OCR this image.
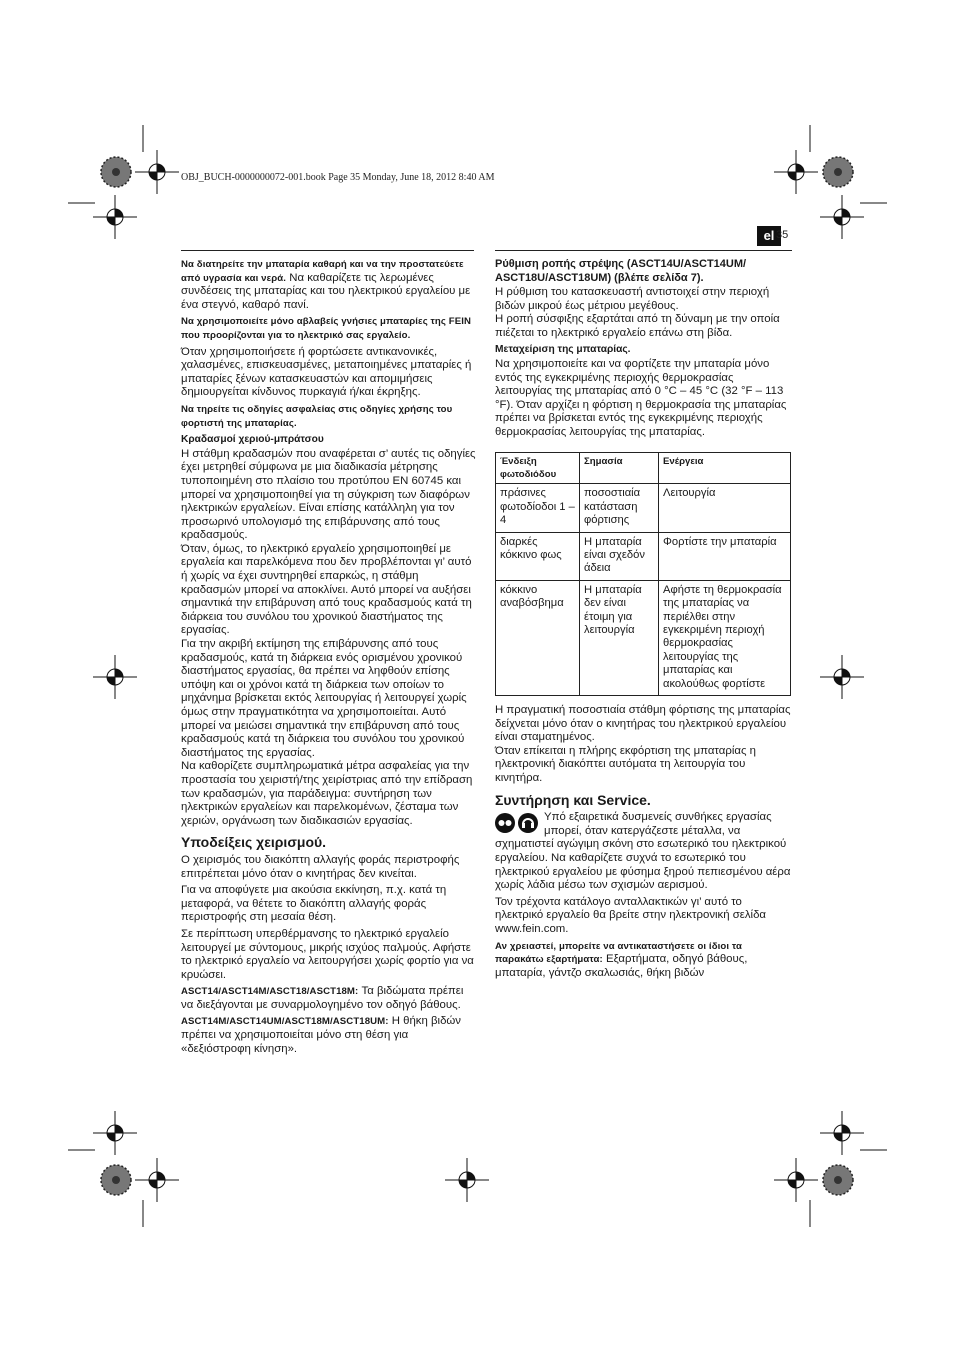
OBJ_BUCH-0000000072-001.book Page 35 Monday, June 18, 2012 8:40 AM
el 35

Να διατηρείτε την μπαταρία καθαρή και να την προστατεύετε από υγρασία και νερά. Να καθαρίζετε τις λερωμένες συνδέσεις της μπαταρίας και του ηλεκτρικού εργαλείου με ένα στεγνό, καθαρό πανί.

Να χρησιμοποιείτε μόνο αβλαβείς γνήσιες μπαταρίες της FEIN που προορίζονται για το ηλεκτρικό σας εργαλείο.

Όταν χρησιμοποιήσετε ή φορτώσετε αντικανονικές, χαλασμένες, επισκευασμένες, μεταποιημένες μπαταρίες ή μπαταρίες ξένων κατασκευαστών και απομιμήσεις δημιουργείται κίνδυνος πυρκαγιά ή/και έκρηξης.

Να τηρείτε τις οδηγίες ασφαλείας στις οδηγίες χρήσης του φορτιστή της μπαταρίας.

Κραδασμοί χεριού-μπράτσου

Η στάθμη κραδασμών που αναφέρεται σ’ αυτές τις οδηγίες έχει μετρηθεί σύμφωνα με μια διαδικασία μέτρησης τυποποιημένη στο πλαίσιο του προτύπου EN 60745 και μπορεί να χρησιμοποιηθεί για τη σύγκριση των διαφόρων ηλεκτρικών εργαλείων. Είναι επίσης κατάλληλη για τον προσωρινό υπολογισμό της επιβάρυνσης από τους κραδασμούς.

Όταν, όμως, το ηλεκτρικό εργαλείο χρησιμοποιηθεί με εργαλεία και παρελκόμενα που δεν προβλέπονται γι’ αυτό ή χωρίς να έχει συντηρηθεί επαρκώς, η στάθμη κραδασμών μπορεί να αποκλίνει. Αυτό μπορεί να αυξήσει σημαντικά την επιβάρυνση από τους κραδασμούς κατά τη διάρκεια του συνόλου του χρονικού διαστήματος της εργασίας.

Για την ακριβή εκτίμηση της επιβάρυνσης από τους κραδασμούς, κατά τη διάρκεια ενός ορισμένου χρονικού διαστήματος εργασίας, θα πρέπει να ληφθούν επίσης υπόψη και οι χρόνοι κατά τη διάρκεια των οποίων το μηχάνημα βρίσκεται εκτός λειτουργίας ή λειτουργεί χωρίς όμως στην πραγματικότητα να χρησιμοποιείται. Αυτό μπορεί να μειώσει σημαντικά την επιβάρυνση από τους κραδασμούς κατά τη διάρκεια του συνόλου του χρονικού διαστήματος της εργασίας.

Να καθορίζετε συμπληρωματικά μέτρα ασφαλείας για την προστασία του χειριστή/της χειρίστριας από την επίδραση των κραδασμών, για παράδειγμα: συντήρηση των ηλεκτρικών εργαλείων και παρελκομένων, ζέσταμα των χεριών, οργάνωση των διαδικασιών εργασίας.

Υποδείξεις χειρισμού.

Ο χειρισμός του διακόπτη αλλαγής φοράς περιστροφής επιτρέπεται μόνο όταν ο κινητήρας δεν κινείται.

Για να αποφύγετε μια ακούσια εκκίνηση, π.χ. κατά τη μεταφορά, να θέτετε το διακόπτη αλλαγής φοράς περιστροφής στη μεσαία θέση.

Σε περίπτωση υπερθέρμανσης το ηλεκτρικό εργαλείο λειτουργεί με σύντομους, μικρής ισχύος παλμούς. Αφήστε το ηλεκτρικό εργαλείο να λειτουργήσει χωρίς φορτίο για να κρυώσει.

ASCT14/ASCT14M/ASCT18/ASCT18M: Τα βιδώματα πρέπει να διεξάγονται με συναρμολογημένο τον οδηγό βάθους.

ASCT14M/ASCT14UM/ASCT18M/ASCT18UM: Η θήκη βιδών πρέπει να χρησιμοποιείται μόνο στη θέση για «δεξιόστροφη κίνηση».

Ρύθμιση ροπής στρέψης (ASCT14U/ASCT14UM/ ASCT18U/ASCT18UM) (βλέπε σελίδα 7).

Η ρύθμιση του κατασκευαστή αντιστοιχεί στην περιοχή βιδών μικρού έως μέτριου μεγέθους.

Η ροπή σύσφιξης εξαρτάται από τη δύναμη με την οποία πιέζεται το ηλεκτρικό εργαλείο επάνω στη βίδα.

Μεταχείριση της μπαταρίας.

Να χρησιμοποιείτε και να φορτίζετε την μπαταρία μόνο εντός της εγκεκριμένης περιοχής θερμοκρασίας λειτουργίας της μπαταρίας από 0 °C – 45 °C (32 °F – 113 °F). Όταν αρχίζει η φόρτιση η θερμοκρασία της μπαταρίας πρέπει να βρίσκεται εντός της εγκεκριμένης περιοχής θερμοκρασίας λειτουργίας της μπαταρίας.

Ένδειξη φωτοδιόδου	Σημασία	Ενέργεια
πράσινες φωτοδίοδοι 1 – 4	ποσοστιαία κατάσταση φόρτισης	Λειτουργία
διαρκές κόκκινο φως	Η μπαταρία είναι σχεδόν άδεια	Φορτίστε την μπαταρία
κόκκινο αναβόσβημα	Η μπαταρία δεν είναι έτοιμη για λειτουργία	Αφήστε τη θερμοκρασία της μπαταρίας να περιέλθει στην εγκεκριμένη περιοχή θερμοκρασίας λειτουργίας της μπαταρίας και ακολούθως φορτίστε

Η πραγματική ποσοστιαία στάθμη φόρτισης της μπαταρίας δείχνεται μόνο όταν ο κινητήρας του ηλεκτρικού εργαλείου είναι σταματημένος.

Όταν επίκειται η πλήρης εκφόρτιση της μπαταρίας η ηλεκτρονική διακόπτει αυτόματα τη λειτουργία του κινητήρα.

Συντήρηση και Service.

Υπό εξαιρετικά δυσμενείς συνθήκες εργασίας μπορεί, όταν κατεργάζεστε μέταλλα, να σχηματιστεί αγώγιμη σκόνη στο εσωτερικό του ηλεκτρικού εργαλείου. Να καθαρίζετε συχνά το εσωτερικό του ηλεκτρικού εργαλείου με φύσημα ξηρού πεπιεσμένου αέρα χωρίς λάδια μέσω των σχισμών αερισμού.

Τον τρέχοντα κατάλογο ανταλλακτικών γι’ αυτό το ηλεκτρικό εργαλείο θα βρείτε στην ηλεκτρονική σελίδα www.fein.com.

Αν χρειαστεί, μπορείτε να αντικαταστήσετε οι ίδιοι τα παρακάτω εξαρτήματα: Εξαρτήματα, οδηγό βάθους, μπαταρία, γάντζο σκαλωσιάς, θήκη βιδών
